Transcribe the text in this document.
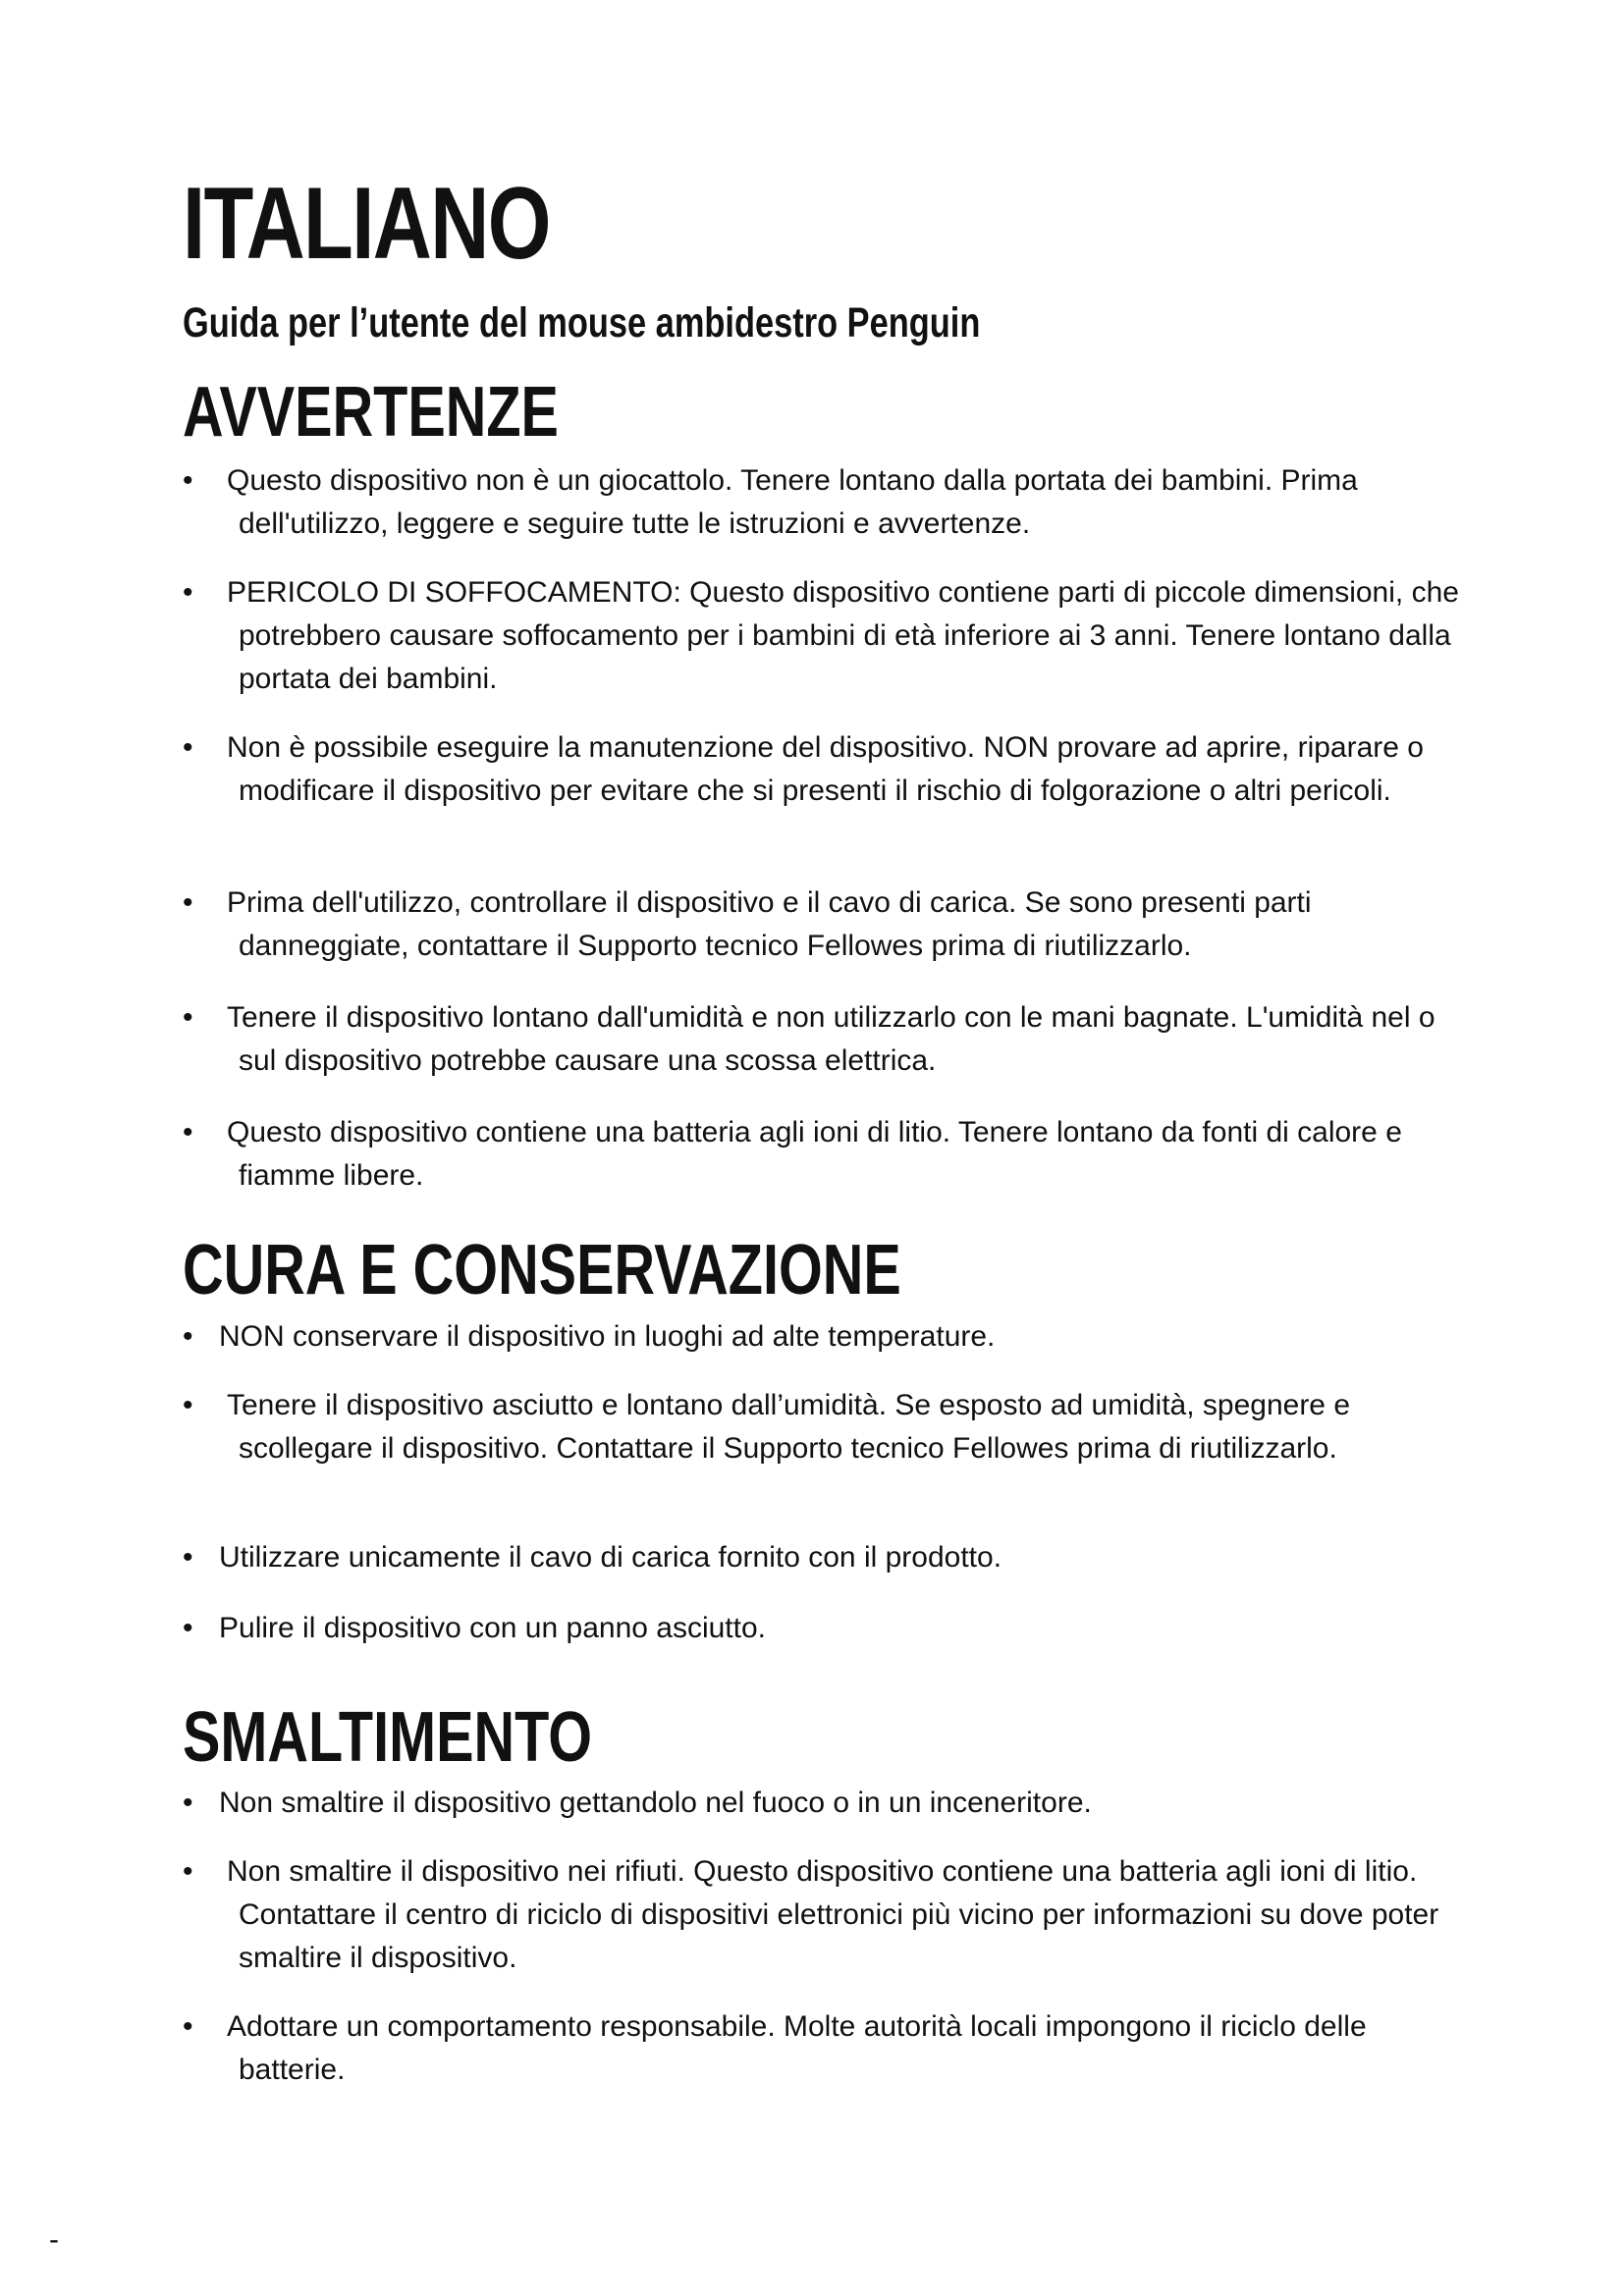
ITALIANO
Guida per l’utente del mouse ambidestro Penguin
AVVERTENZE
•	Questo dispositivo non è un giocattolo. Tenere lontano dalla portata dei bambini. Prima dell'utilizzo, leggere e seguire tutte le istruzioni e avvertenze.
•	PERICOLO DI SOFFOCAMENTO: Questo dispositivo contiene parti di piccole dimensioni, che potrebbero causare soffocamento per i bambini di età inferiore ai 3 anni. Tenere lontano dalla portata dei bambini.
•	Non è possibile eseguire la manutenzione del dispositivo. NON provare ad aprire, riparare o modificare il dispositivo per evitare che si presenti il rischio di folgorazione o altri pericoli.
•	Prima dell'utilizzo, controllare il dispositivo e il cavo di carica. Se sono presenti parti danneggiate, contattare il Supporto tecnico Fellowes prima di riutilizzarlo.
•	Tenere il dispositivo lontano dall'umidità e non utilizzarlo con le mani bagnate. L'umidità nel o sul dispositivo potrebbe causare una scossa elettrica.
•	Questo dispositivo contiene una batteria agli ioni di litio. Tenere lontano da fonti di calore e fiamme libere.
CURA E CONSERVAZIONE
• NON conservare il dispositivo in luoghi ad alte temperature.
•	Tenere il dispositivo asciutto e lontano dall’umidità. Se esposto ad umidità, spegnere e scollegare il dispositivo. Contattare il Supporto tecnico Fellowes prima di riutilizzarlo.
• Utilizzare unicamente il cavo di carica fornito con il prodotto.
• Pulire il dispositivo con un panno asciutto.
SMALTIMENTO
• Non smaltire il dispositivo gettandolo nel fuoco o in un inceneritore.
•	Non smaltire il dispositivo nei rifiuti. Questo dispositivo contiene una batteria agli ioni di litio. Contattare il centro di riciclo di dispositivi elettronici più vicino per informazioni su dove poter smaltire il dispositivo.
•	Adottare un comportamento responsabile. Molte autorità locali impongono il riciclo delle batterie.
-
